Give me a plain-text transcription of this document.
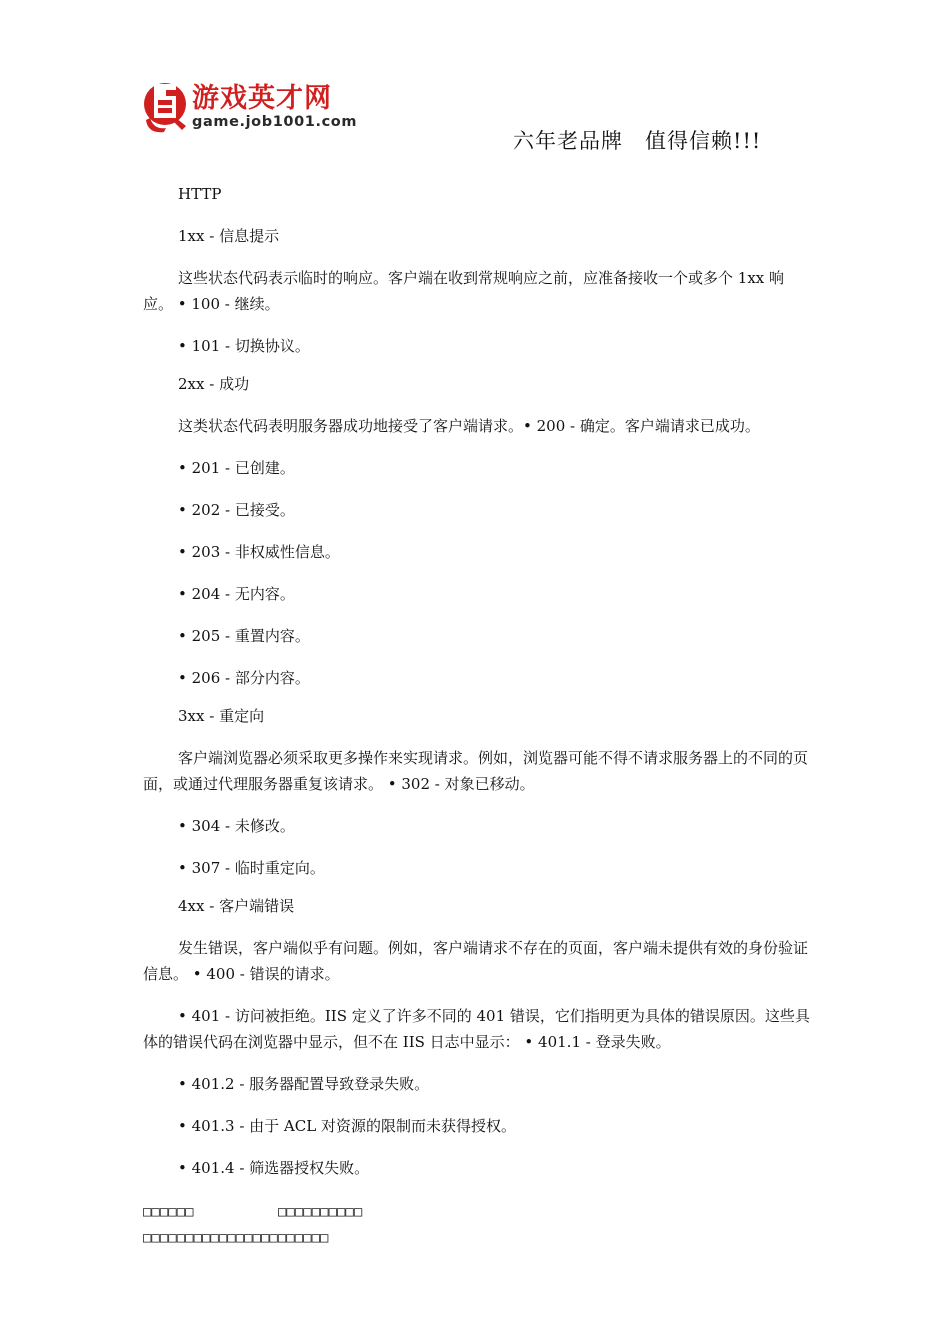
游戏英才网
game.job1001.com
六年老品牌 值得信赖!!!

HTTP

1xx - 信息提示

这些状态代码表示临时的响应。客户端在收到常规响应之前，应准备接收一个或多个 1xx 响应。 • 100 - 继续。

• 101 - 切换协议。

2xx - 成功

这类状态代码表明服务器成功地接受了客户端请求。• 200 - 确定。客户端请求已成功。

• 201 - 已创建。

• 202 - 已接受。

• 203 - 非权威性信息。

• 204 - 无内容。

• 205 - 重置内容。

• 206 - 部分内容。

3xx - 重定向

客户端浏览器必须采取更多操作来实现请求。例如，浏览器可能不得不请求服务器上的不同的页面，或通过代理服务器重复该请求。 • 302 - 对象已移动。

• 304 - 未修改。

• 307 - 临时重定向。

4xx - 客户端错误

发生错误，客户端似乎有问题。例如，客户端请求不存在的页面，客户端未提供有效的身份验证信息。 • 400 - 错误的请求。

• 401 - 访问被拒绝。IIS 定义了许多不同的 401 错误，它们指明更为具体的错误原因。这些具体的错误代码在浏览器中显示，但不在 IIS 日志中显示： • 401.1 - 登录失败。

• 401.2 - 服务器配置导致登录失败。

• 401.3 - 由于 ACL 对资源的限制而未获得授权。

• 401.4 - 筛选器授权失败。

□□□□□□	□□□□□□□□□□
□□□□□□□□□□□□□□□□□□□□□□
